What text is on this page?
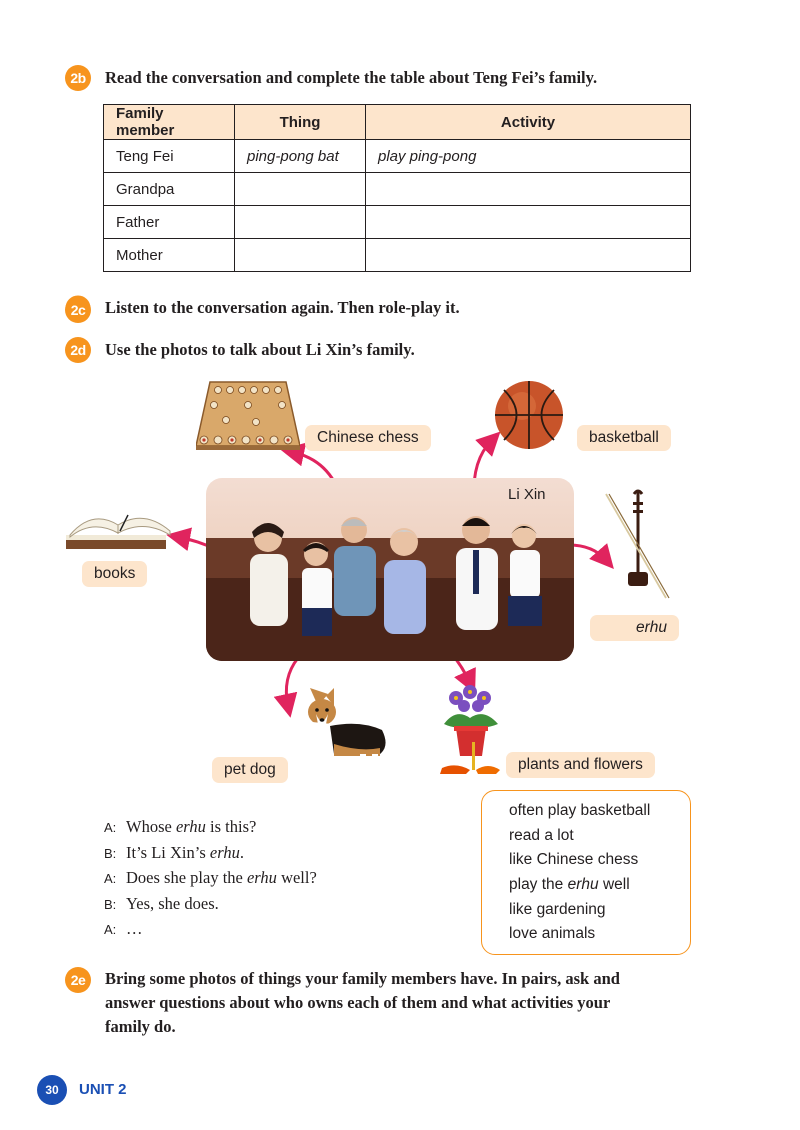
2b	Read the conversation and complete the table about Teng Fei’s family.
Family member	Thing	Activity
Teng Fei	ping-pong bat	play ping-pong
Grandpa		
Father		
Mother		
2c	Listen to the conversation again. Then role-play it.
2d	Use the photos to talk about Li Xin’s family.
Chinese chess	basketball
books
Li Xin
erhu
pet dog	plants and flowers
A: Whose erhu is this?
B: It’s Li Xin’s erhu.
A: Does she play the erhu well?
B: Yes, she does.
A: …
often play basketball
read a lot
like Chinese chess
play the erhu well
like gardening
love animals
2e	Bring some photos of things your family members have. In pairs, ask and
answer questions about who owns each of them and what activities your
family do.
30	UNIT 2
